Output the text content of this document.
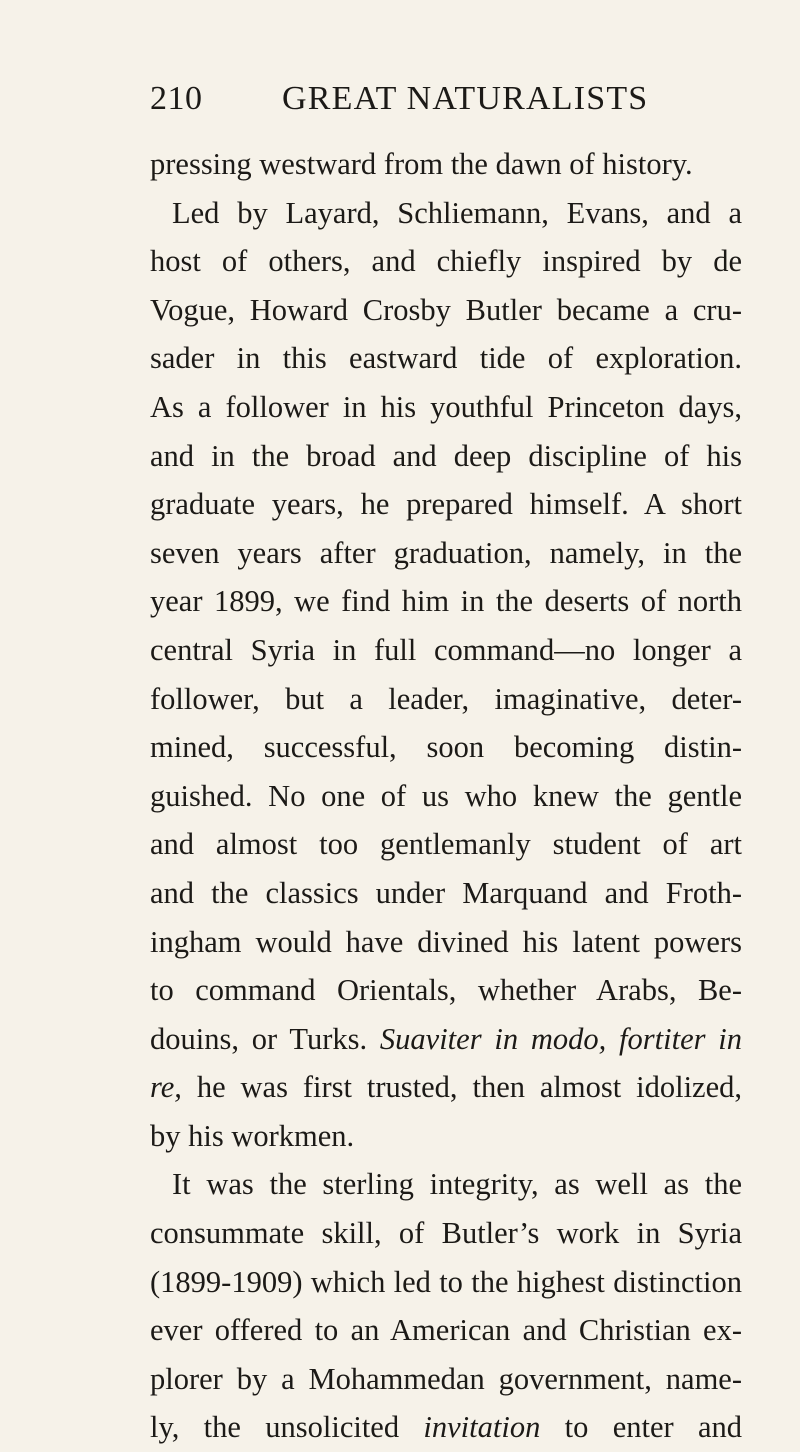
210 GREAT NATURALISTS
pressing westward from the dawn of history.
Led by Layard, Schliemann, Evans, and a
host of others, and chiefly inspired by de
Vogue, Howard Crosby Butler became a cru-
sader in this eastward tide of exploration.
As a follower in his youthful Princeton days,
and in the broad and deep discipline of his
graduate years, he prepared himself. A short
seven years after graduation, namely, in the
year 1899, we find him in the deserts of north
central Syria in full command—no longer a
follower, but a leader, imaginative, deter-
mined, successful, soon becoming distin-
guished. No one of us who knew the gentle
and almost too gentlemanly student of art
and the classics under Marquand and Froth-
ingham would have divined his latent powers
to command Orientals, whether Arabs, Be-
douins, or Turks. Suaviter in modo, fortiter in
re, he was first trusted, then almost idolized,
by his workmen.
It was the sterling integrity, as well as the
consummate skill, of Butler’s work in Syria
(1899-1909) which led to the highest distinction
ever offered to an American and Christian ex-
plorer by a Mohammedan government, name-
ly, the unsolicited invitation to enter and
